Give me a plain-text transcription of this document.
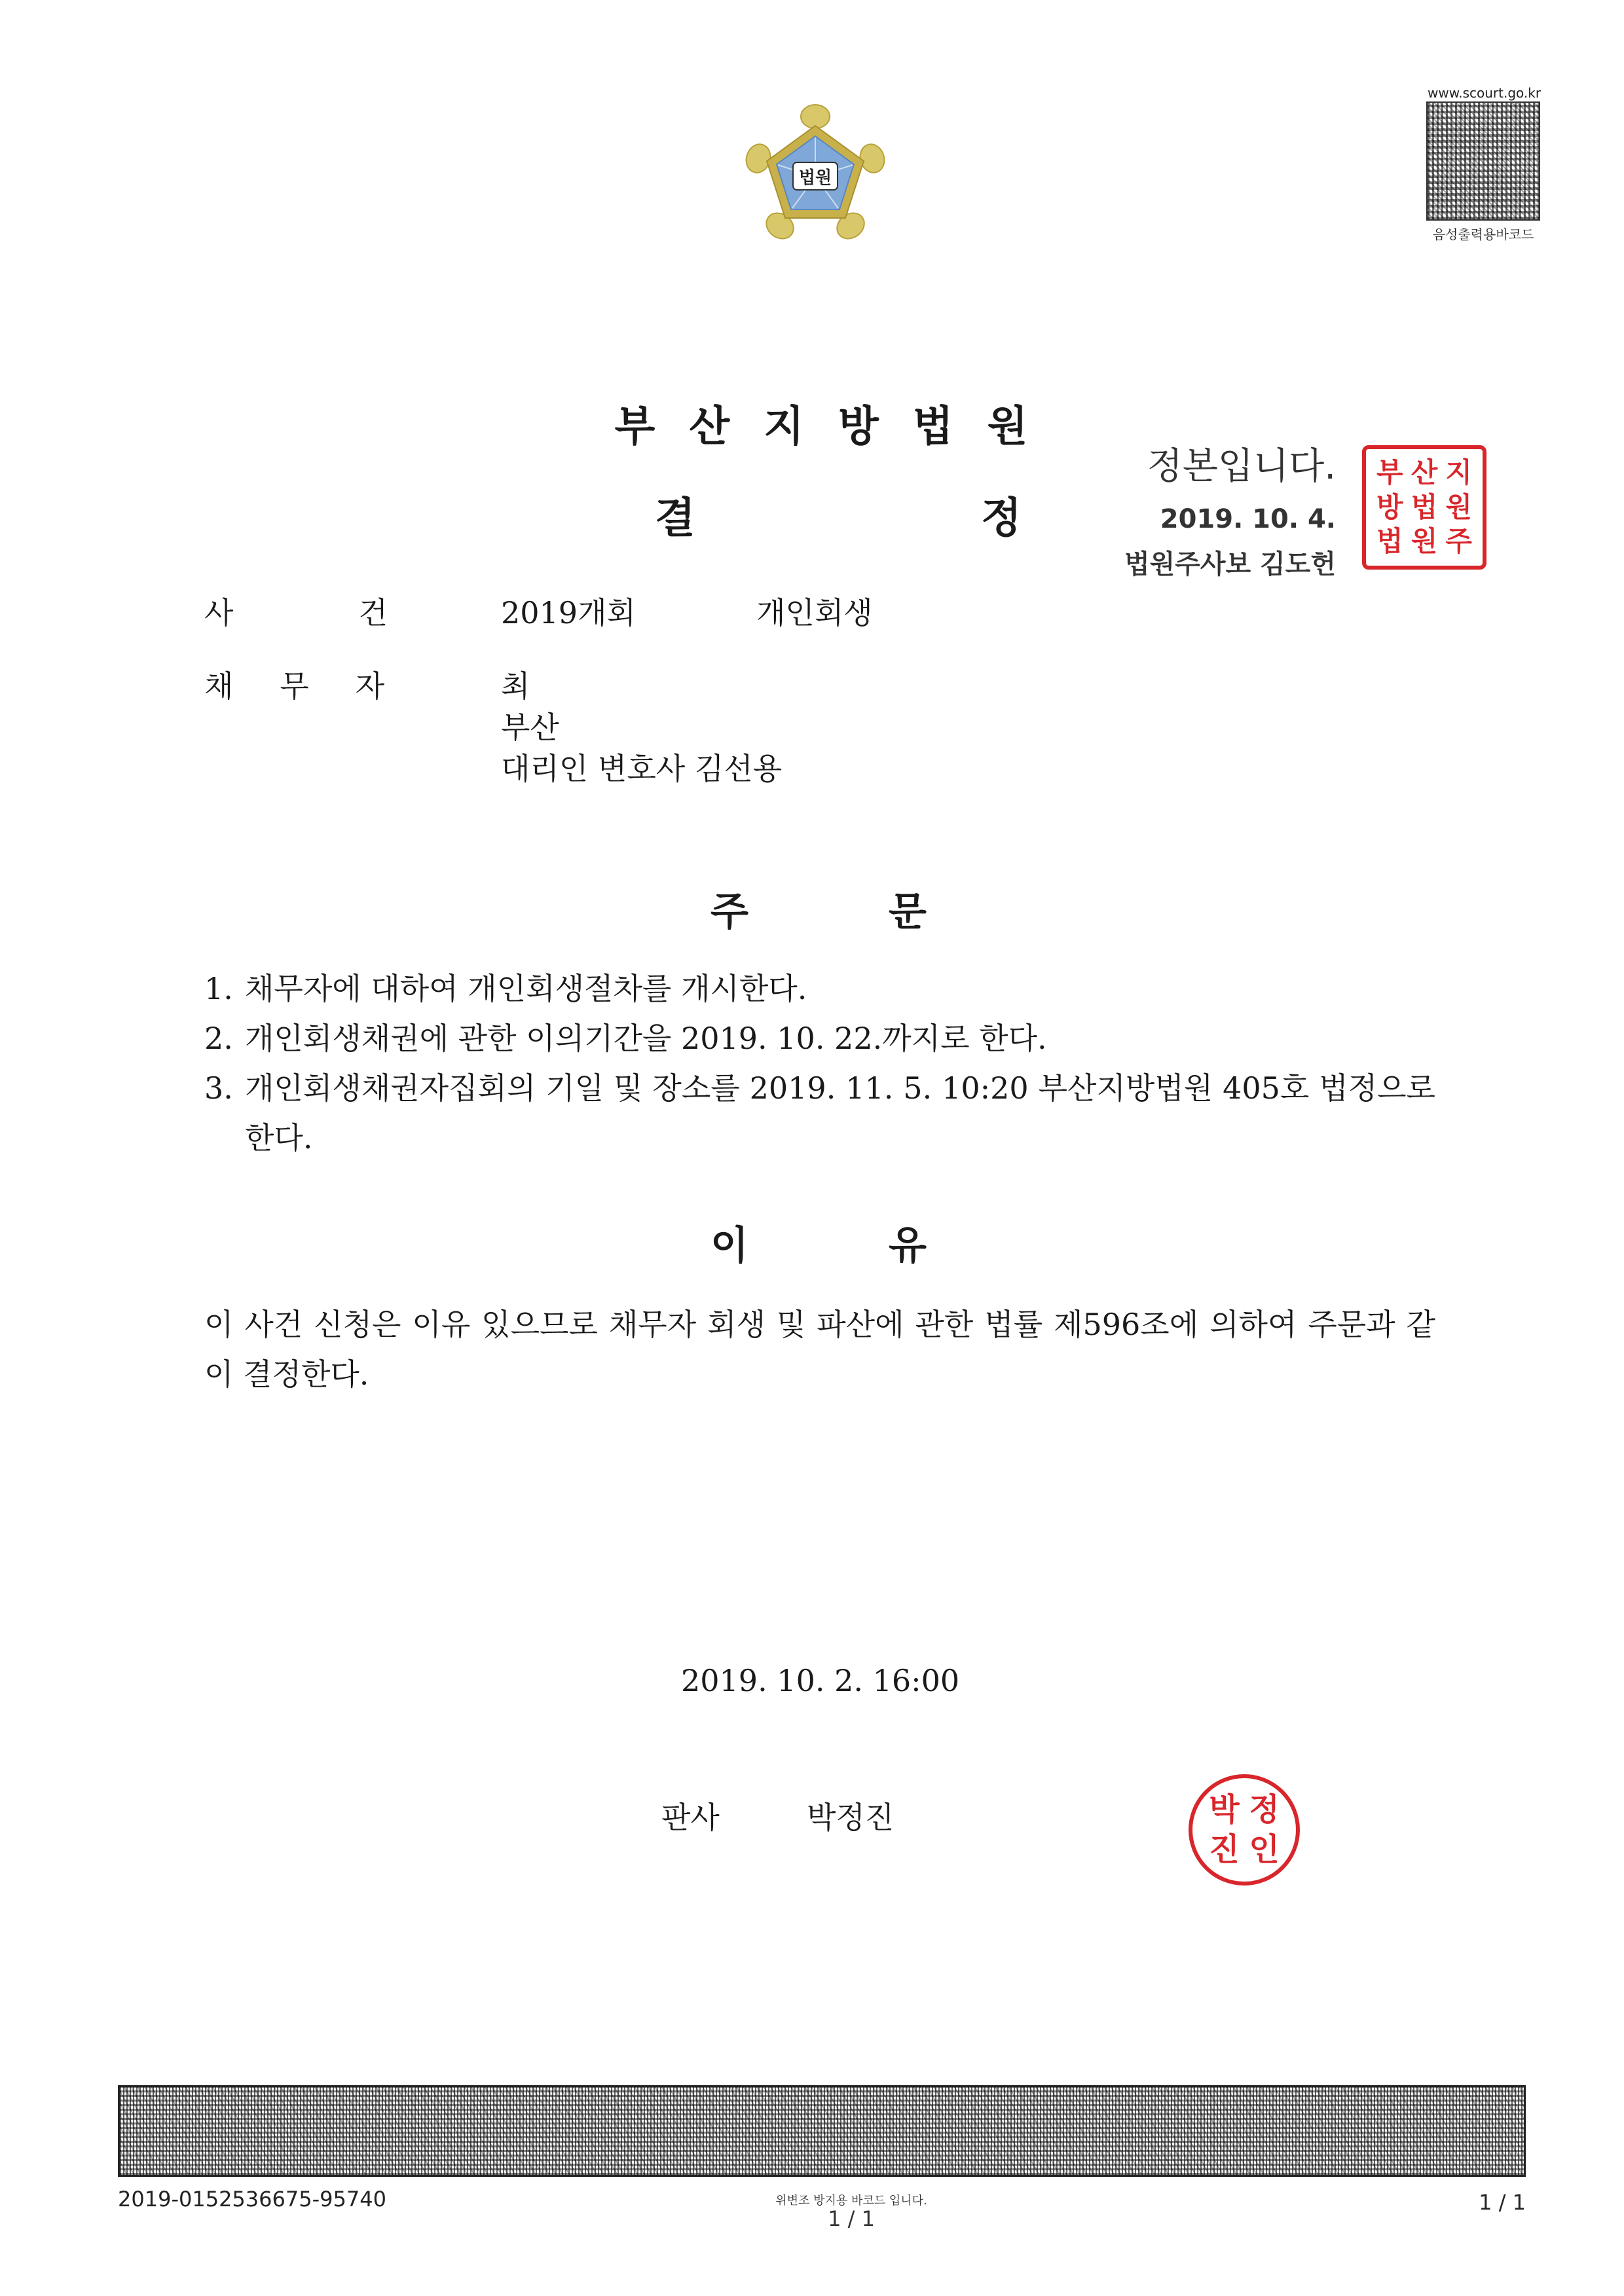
법원
www.scourt.go.kr
음성출력용바코드
부산지방법원
결	정
정본입니다.
2019. 10. 4.
법원주사보 김도헌
부 산 지
방 법 원
법 원 주
사	건	2019개회	개인회생
채 무 자	최
부산
대리인 변호사 김선용
주	문
1. 채무자에 대하여 개인회생절차를 개시한다.
2. 개인회생채권에 관한 이의기간을 2019. 10. 22.까지로 한다.
3. 개인회생채권자집회의 기일 및 장소를 2019. 11. 5. 10:20 부산지방법원 405호 법정으로 한다.
이	유
이 사건 신청은 이유 있으므로 채무자 회생 및 파산에 관한 법률 제596조에 의하여 주문과 같이 결정한다.
2019. 10. 2. 16:00
판사	박정진	박 정
진 인
2019-0152536675-95740	위변조 방지용 바코드 입니다.
1 / 1
1 / 1
